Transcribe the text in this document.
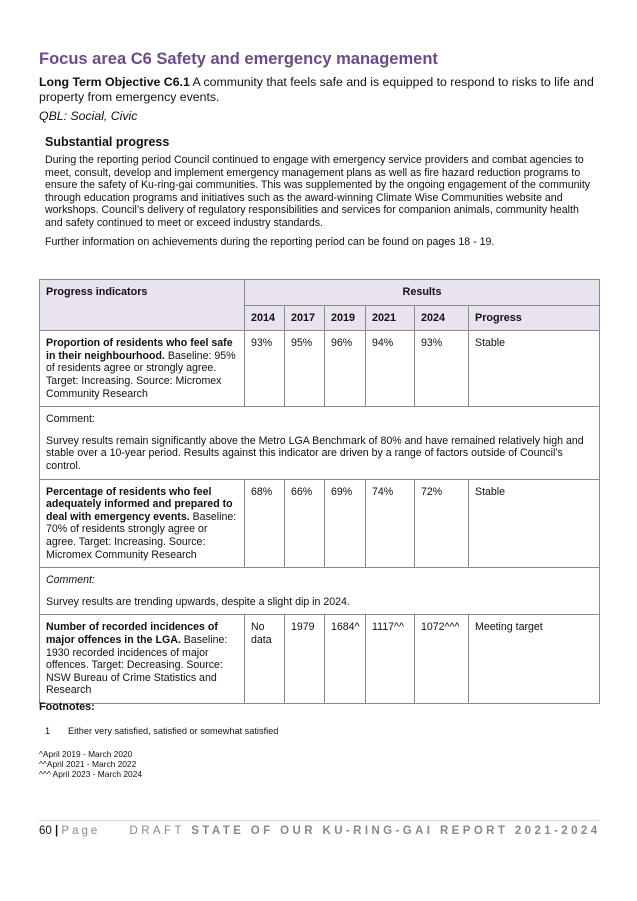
Focus area C6 Safety and emergency management
Long Term Objective C6.1 A community that feels safe and is equipped to respond to risks to life and property from emergency events.
QBL: Social, Civic
Substantial progress
During the reporting period Council continued to engage with emergency service providers and combat agencies to meet, consult, develop and implement emergency management plans as well as fire hazard reduction programs to ensure the safety of Ku-ring-gai communities. This was supplemented by the ongoing engagement of the community through education programs and initiatives such as the award-winning Climate Wise Communities website and workshops. Council’s delivery of regulatory responsibilities and services for companion animals, community health and safety continued to meet or exceed industry standards.
Further information on achievements during the reporting period can be found on pages 18 - 19.
Progress indicators	Results					
	2014	2017	2019	2021	2024	Progress
Proportion of residents who feel safe in their neighbourhood. Baseline: 95% of residents agree or strongly agree. Target: Increasing. Source: Micromex Community Research	93%	95%	96%	94%	93%	Stable

Comment:

Survey results remain significantly above the Metro LGA Benchmark of 80% and have remained relatively high and stable over a 10-year period. Results against this indicator are driven by a range of factors outside of Council’s control.						

Percentage of residents who feel adequately informed and prepared to deal with emergency events. Baseline: 70% of residents strongly agree or agree. Target: Increasing. Source: Micromex Community Research	68%	66%	69%	74%	72%	Stable

Comment:

Survey results are trending upwards, despite a slight dip in 2024.						

Number of recorded incidences of major offences in the LGA. Baseline: 1930 recorded incidences of major offences. Target: Decreasing. Source: NSW Bureau of Crime Statistics and Research	No data	1979	1684^	1117^^	1072^^^	Meeting target
Footnotes:
1 Either very satisfied, satisfied or somewhat satisfied
^April 2019 - March 2020
^^April 2021 - March 2022
^^^ April 2023 - March 2024
60 | Page	DRAFT STATE OF OUR KU-RING-GAI REPORT 2021-2024
